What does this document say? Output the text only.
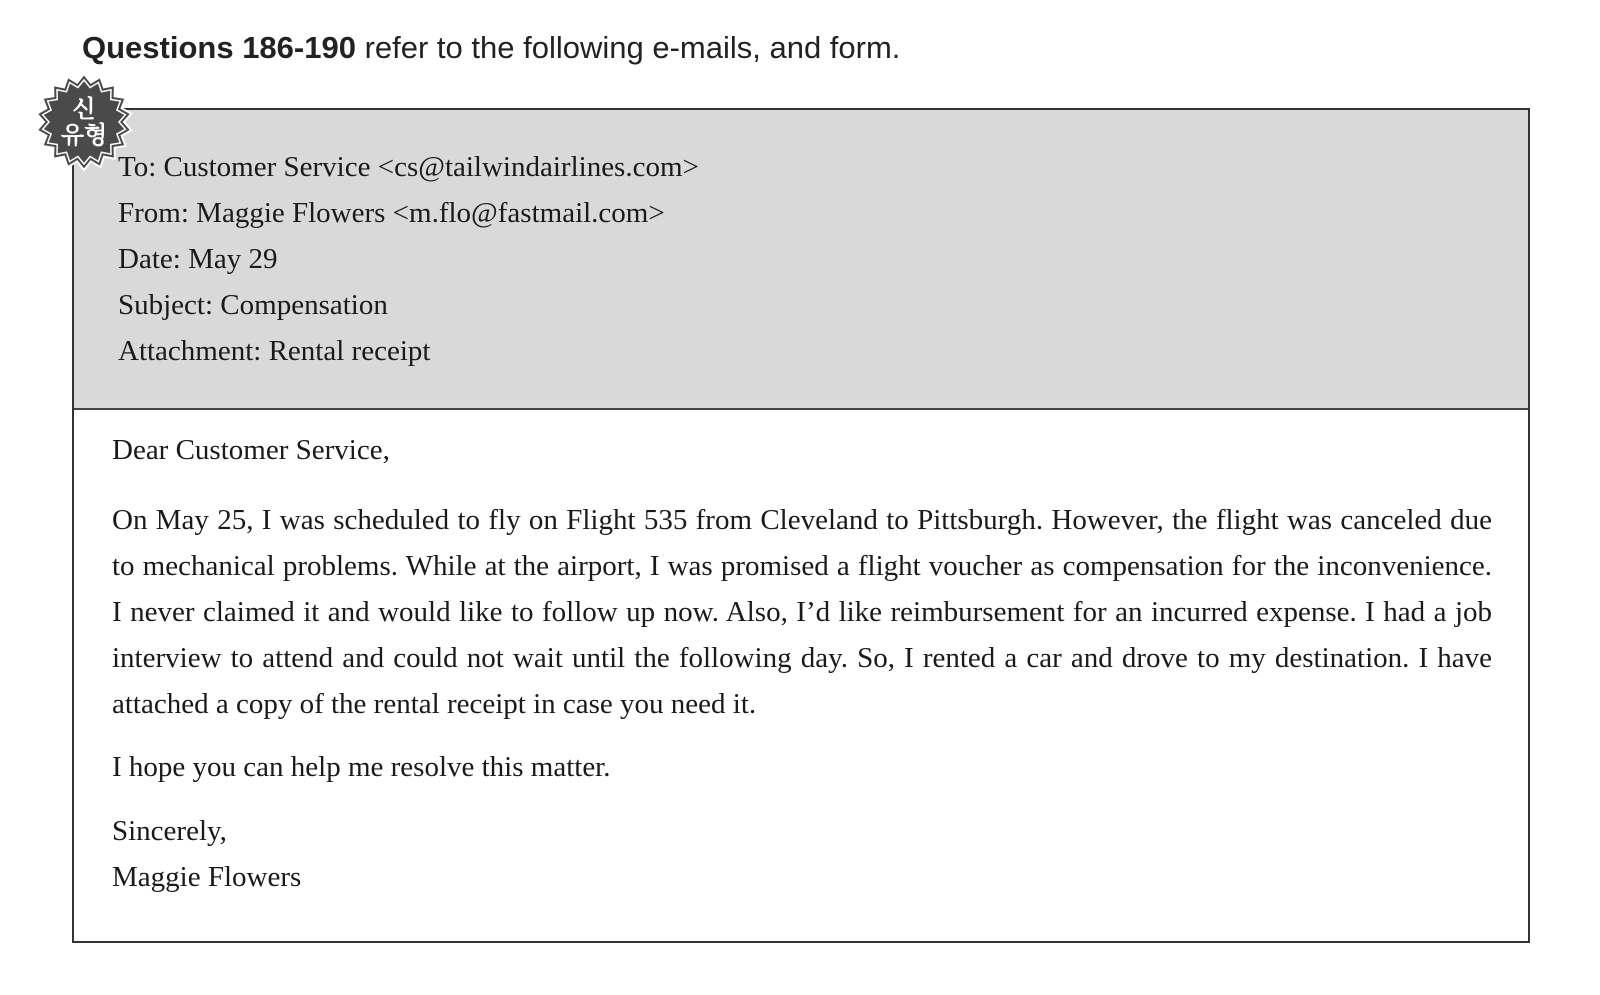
Questions 186-190 refer to the following e-mails, and form.
신
유형
To: Customer Service <cs@tailwindairlines.com>
From: Maggie Flowers <m.flo@fastmail.com>
Date: May 29
Subject: Compensation
Attachment: Rental receipt
Dear Customer Service,
On May 25, I was scheduled to fly on Flight 535 from Cleveland to Pittsburgh. However, the flight was canceled due to mechanical problems. While at the airport, I was promised a flight voucher as compensation for the inconvenience. I never claimed it and would like to follow up now. Also, I’d like reimbursement for an incurred expense. I had a job interview to attend and could not wait until the following day. So, I rented a car and drove to my destination. I have attached a copy of the rental receipt in case you need it.
I hope you can help me resolve this matter.
Sincerely,
Maggie Flowers
